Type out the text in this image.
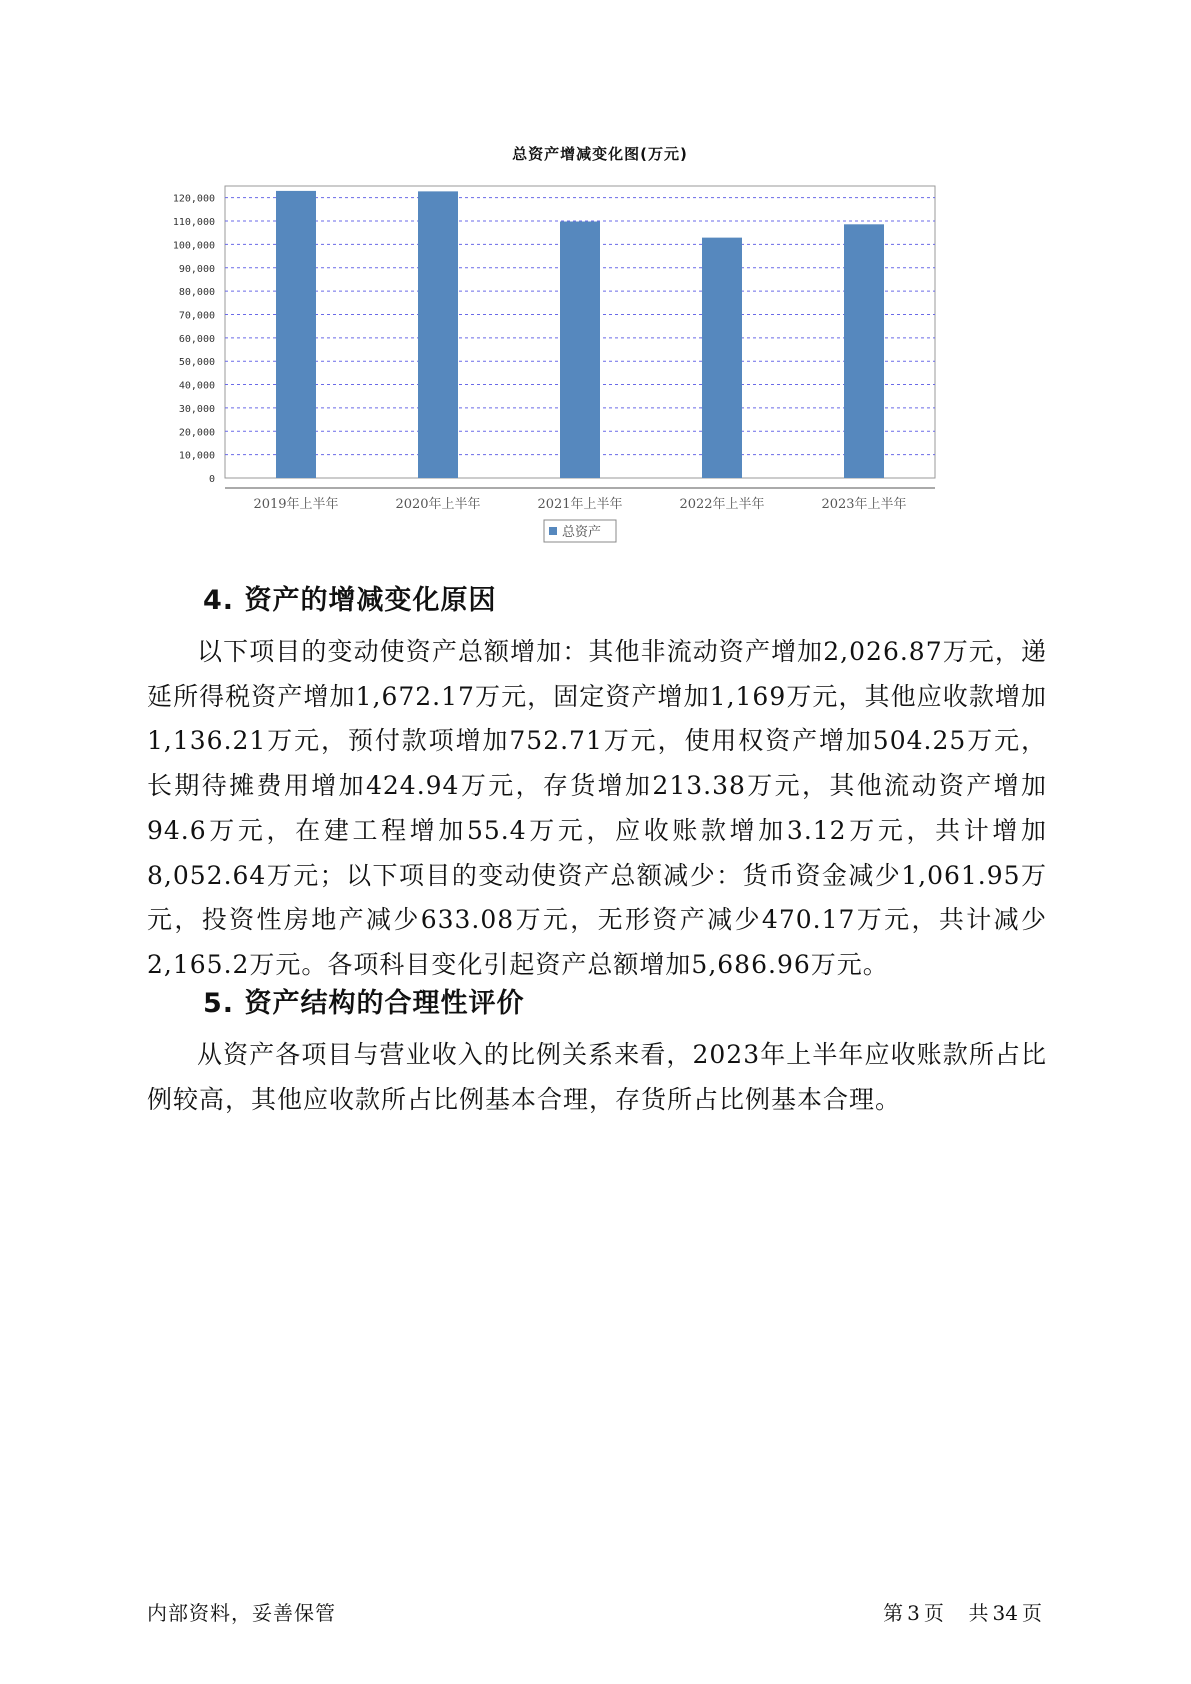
总资产增减变化图(万元)
0
10,000
20,000
30,000
40,000
50,000
60,000
70,000
80,000
90,000
100,000
110,000
120,000
2019年上半年	2020年上半年	2021年上半年	2022年上半年	2023年上半年
总资产
4. 资产的增减变化原因

以下项目的变动使资产总额增加：其他非流动资产增加2,026.87万元，递延所得税资产增加1,672.17万元，固定资产增加1,169万元，其他应收款增加1,136.21万元，预付款项增加752.71万元，使用权资产增加504.25万元，长期待摊费用增加424.94万元，存货增加213.38万元，其他流动资产增加94.6万元，在建工程增加55.4万元，应收账款增加3.12万元，共计增加8,052.64万元；以下项目的变动使资产总额减少：货币资金减少1,061.95万元，投资性房地产减少633.08万元，无形资产减少470.17万元，共计减少2,165.2万元。各项科目变化引起资产总额增加5,686.96万元。

5. 资产结构的合理性评价

从资产各项目与营业收入的比例关系来看，2023年上半年应收账款所占比例较高，其他应收款所占比例基本合理，存货所占比例基本合理。

内部资料，妥善保管	第 3 页 共 34 页
